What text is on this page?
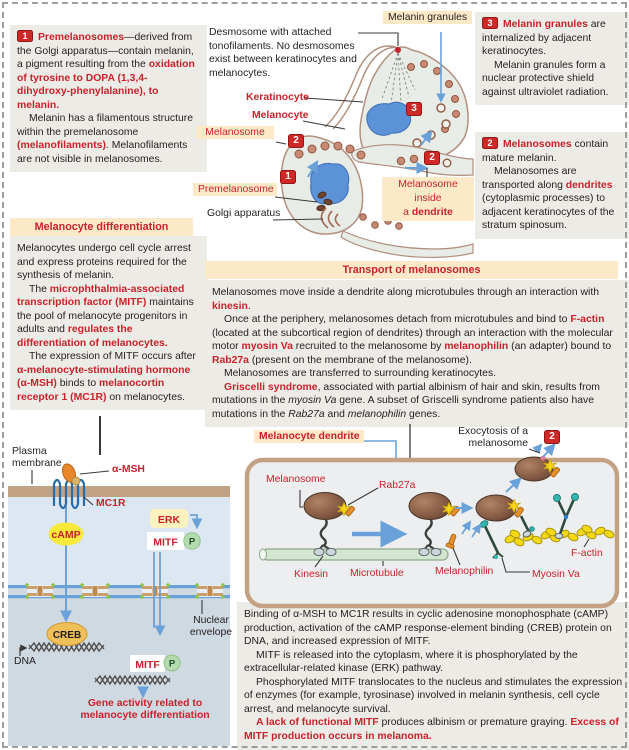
1 Premelanosomes—derived from the Golgi apparatus—contain melanin, a pigment resulting from the oxidation of tyrosine to DOPA (1,3,4-dihydroxy-phenylalanine), to melanin.

Melanin has a filamentous structure within the premelanosome (melanofilaments). Melanofilaments are not visible in melanosomes.

Desmosome with attached tonofilaments. No desmosomes exist between keratinocytes and melanocytes.

Melanin granules	3 Melanin granules are internalized by adjacent keratinocytes.

Melanin granules form a nuclear protective shield against ultraviolet radiation.

2 Melanosomes contain mature melanin.

Melanosomes are transported along dendrites (cytoplasmic processes) to adjacent keratinocytes of the stratum spinosum.

Melanocyte differentiation

Melanocytes undergo cell cycle arrest and express proteins required for the synthesis of melanin.

The microphthalmia-associated transcription factor (MITF) maintains the pool of melanocyte progenitors in adults and regulates the differentiation of melanocytes.

The expression of MITF occurs after α-melanocyte-stimulating hormone (α-MSH) binds to melanocortin receptor 1 (MC1R) on melanocytes.

Transport of melanosomes

Melanosomes move inside a dendrite along microtubules through an interaction with kinesin.

Once at the periphery, melanosomes detach from microtubules and bind to F-actin (located at the subcortical region of dendrites) through an interaction with the molecular motor myosin Va recruited to the melanosome by melanophilin (an adapter) bound to Rab27a (present on the membrane of the melanosome).

Melanosomes are transferred to surrounding keratinocytes.

Griscelli syndrome, associated with partial albinism of hair and skin, results from mutations in the myosin Va gene. A subset of Griscelli syndrome patients also have mutations in the Rab27a and melanophilin genes.

Binding of α-MSH to MC1R results in cyclic adenosine monophosphate (cAMP) production, activation of the cAMP response-element binding (CREB) protein on DNA, and increased expression of MITF.

MITF is released into the cytoplasm, where it is phosphorylated by the extracellular-related kinase (ERK) pathway.

Phosphorylated MITF translocates to the nucleus and stimulates the expression of enzymes (for example, tyrosinase) involved in melanin synthesis, cell cycle arrest, and melanocyte survival.

A lack of functional MITF produces albinism or premature graying. Excess of MITF production occurs in melanoma.

Keratinocyte
Melanocyte
Melanosome
Premelanosome
Golgi apparatus
Melanosome inside
a dendrite
1
2
2
3
cAMP
ERK
MITF P
CREB
MITF P
Plasma
membrane
α-MSH
MC1R
Nuclear
envelope
DNA
Gene activity related to
melanocyte differentiation
Melanocyte dendrite
Melanosome
Rab27a
Kinesin Microtubule	Melanophilin	Myosin Va
F-actin
Exocytosis of a
melanosome
2
